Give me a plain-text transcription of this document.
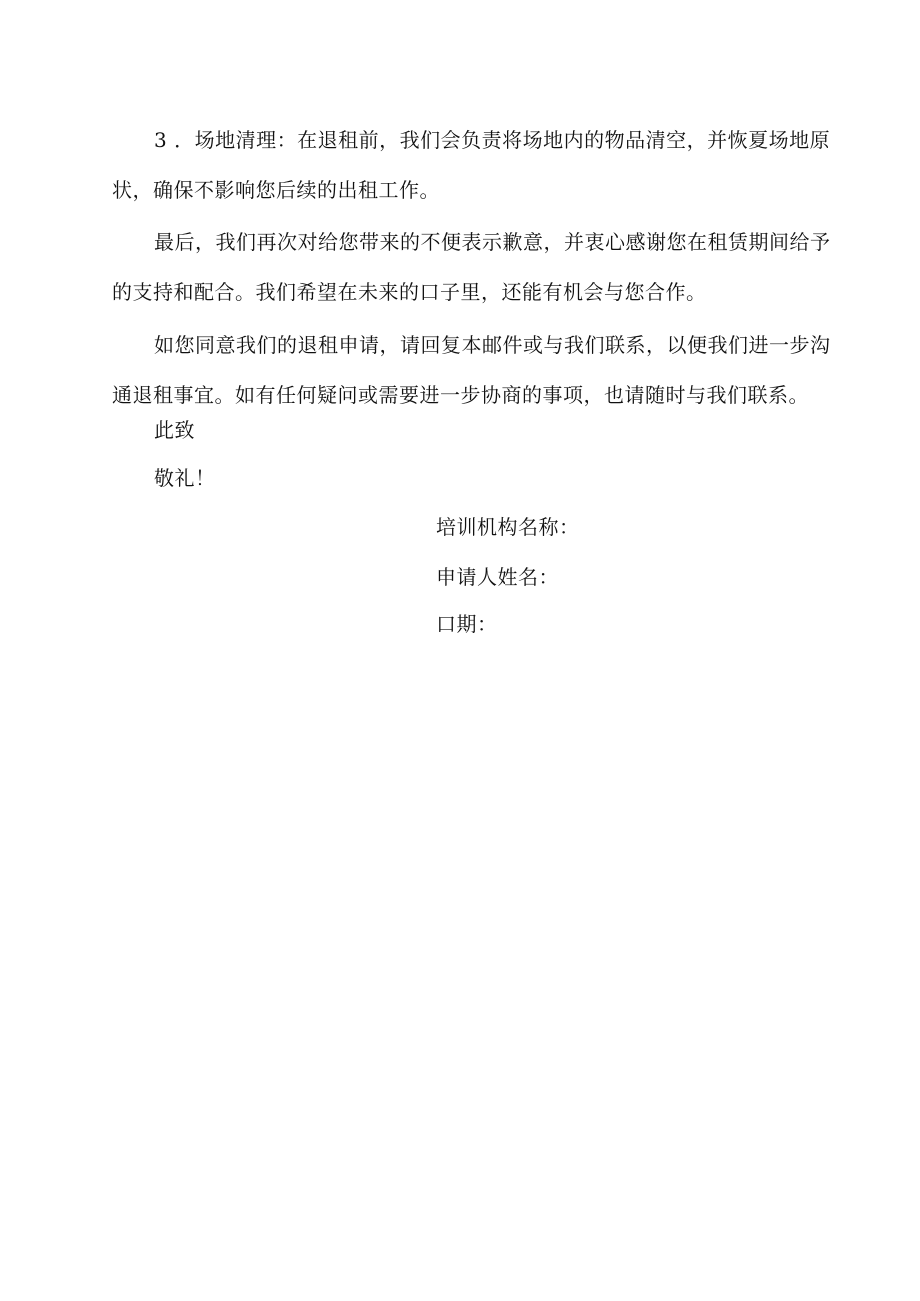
3 ．场地清理：在退租前，我们会负责将场地内的物品清空，并恢夏场地原
状，确保不影响您后续的出租工作。

最后，我们再次对给您带来的不便表示歉意，并衷心感谢您在租赁期间给予
的支持和配合。我们希望在未来的口子里，还能有机会与您合作。

如您同意我们的退租申请，请回复本邮件或与我们联系，以便我们进一步沟
通退租事宜。如有任何疑问或需要进一步协商的事项，也请随时与我们联系。

此致

敬礼！

培训机构名称：

申请人姓名：

口期：
